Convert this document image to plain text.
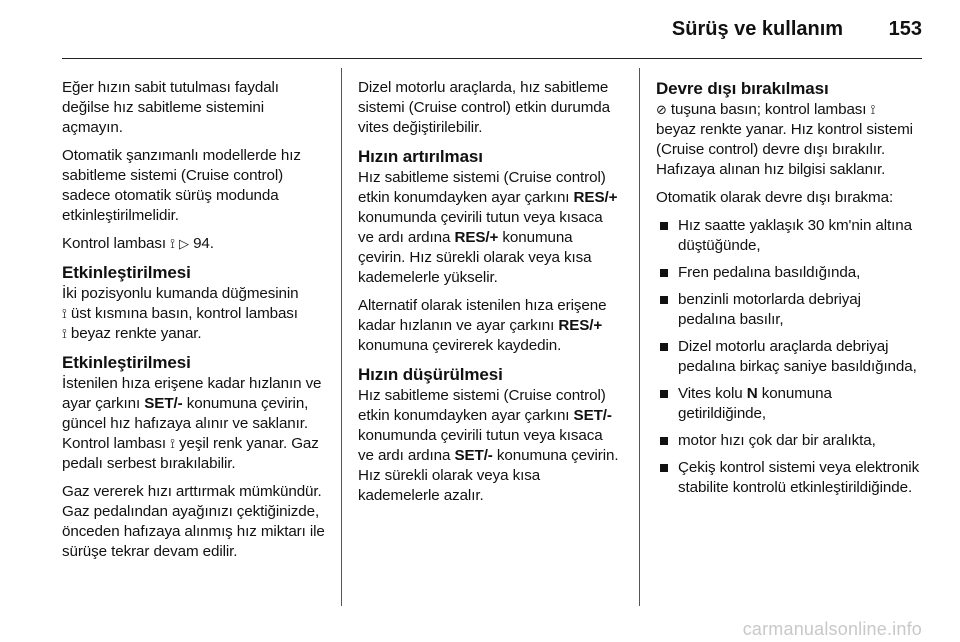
Sürüş ve kullanım 153

Eğer hızın sabit tutulması faydalı değilse hız sabitleme sistemini açmayın.

Otomatik şanzımanlı modellerde hız sabitleme sistemi (Cruise control) sadece otomatik sürüş modunda etkinleştirilmelidir.

Kontrol lambası ⟟ ▷ 94.

Etkinleştirilmesi

İki pozisyonlu kumanda düğmesinin
⟟ üst kısmına basın, kontrol lambası
⟟ beyaz renkte yanar.

Etkinleştirilmesi

İstenilen hıza erişene kadar hızlanın ve ayar çarkını SET/- konumuna çevirin, güncel hız hafızaya alınır ve saklanır. Kontrol lambası ⟟ yeşil renk yanar. Gaz pedalı serbest bırakılabilir.

Gaz vererek hızı arttırmak mümkündür. Gaz pedalından ayağınızı çektiğinizde, önceden hafızaya alınmış hız miktarı ile sürüşe tekrar devam edilir.

Dizel motorlu araçlarda, hız sabitleme sistemi (Cruise control) etkin durumda vites değiştirilebilir.

Hızın artırılması

Hız sabitleme sistemi (Cruise control) etkin konumdayken ayar çarkını RES/+ konumunda çevirili tutun veya kısaca ve ardı ardına RES/+ konumuna çevirin. Hız sürekli olarak veya kısa kademelerle yükselir.

Alternatif olarak istenilen hıza erişene kadar hızlanın ve ayar çarkını RES/+ konumuna çevirerek kaydedin.

Hızın düşürülmesi

Hız sabitleme sistemi (Cruise control) etkin konumdayken ayar çarkını SET/- konumunda çevirili tutun veya kısaca ve ardı ardına SET/- konumuna çevirin. Hız sürekli olarak veya kısa kademelerle azalır.

Devre dışı bırakılması

⊘ tuşuna basın; kontrol lambası ⟟
beyaz renkte yanar. Hız kontrol sistemi (Cruise control) devre dışı bırakılır. Hafızaya alınan hız bilgisi saklanır.

Otomatik olarak devre dışı bırakma:

Hız saatte yaklaşık 30 km'nin altına düştüğünde,
Fren pedalına basıldığında,
benzinli motorlarda debriyaj pedalına basılır,
Dizel motorlu araçlarda debriyaj pedalına birkaç saniye basıldığında,
Vites kolu N konumuna getirildiğinde,
motor hızı çok dar bir aralıkta,
Çekiş kontrol sistemi veya elektronik stabilite kontrolü etkinleştirildiğinde.
carmanualsonline.info
